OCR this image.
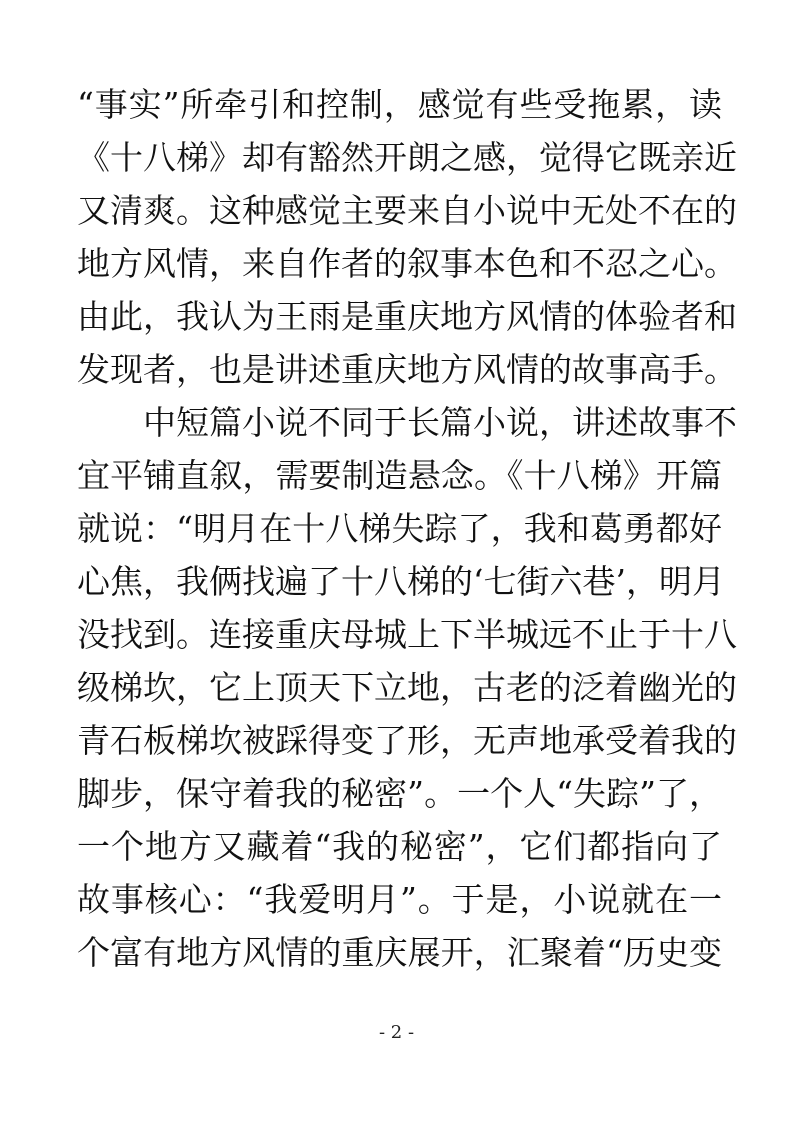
“事实”所牵引和控制，感觉有些受拖累，读
《十八梯》却有豁然开朗之感，觉得它既亲近
又清爽。这种感觉主要来自小说中无处不在的
地方风情，来自作者的叙事本色和不忍之心。
由此，我认为王雨是重庆地方风情的体验者和
发现者，也是讲述重庆地方风情的故事高手。
中短篇小说不同于长篇小说，讲述故事不
宜平铺直叙，需要制造悬念。《十八梯》开篇
就说：“明月在十八梯失踪了，我和葛勇都好
心焦，我俩找遍了十八梯的‘七街六巷’，明月
没找到。连接重庆母城上下半城远不止于十八
级梯坎，它上顶天下立地，古老的泛着幽光的
青石板梯坎被踩得变了形，无声地承受着我的
脚步，保守着我的秘密”。一个人“失踪”了，
一个地方又藏着“我的秘密”，它们都指向了
故事核心：“我爱明月”。于是，小说就在一
个富有地方风情的重庆展开，汇聚着“历史变
- 2 -
